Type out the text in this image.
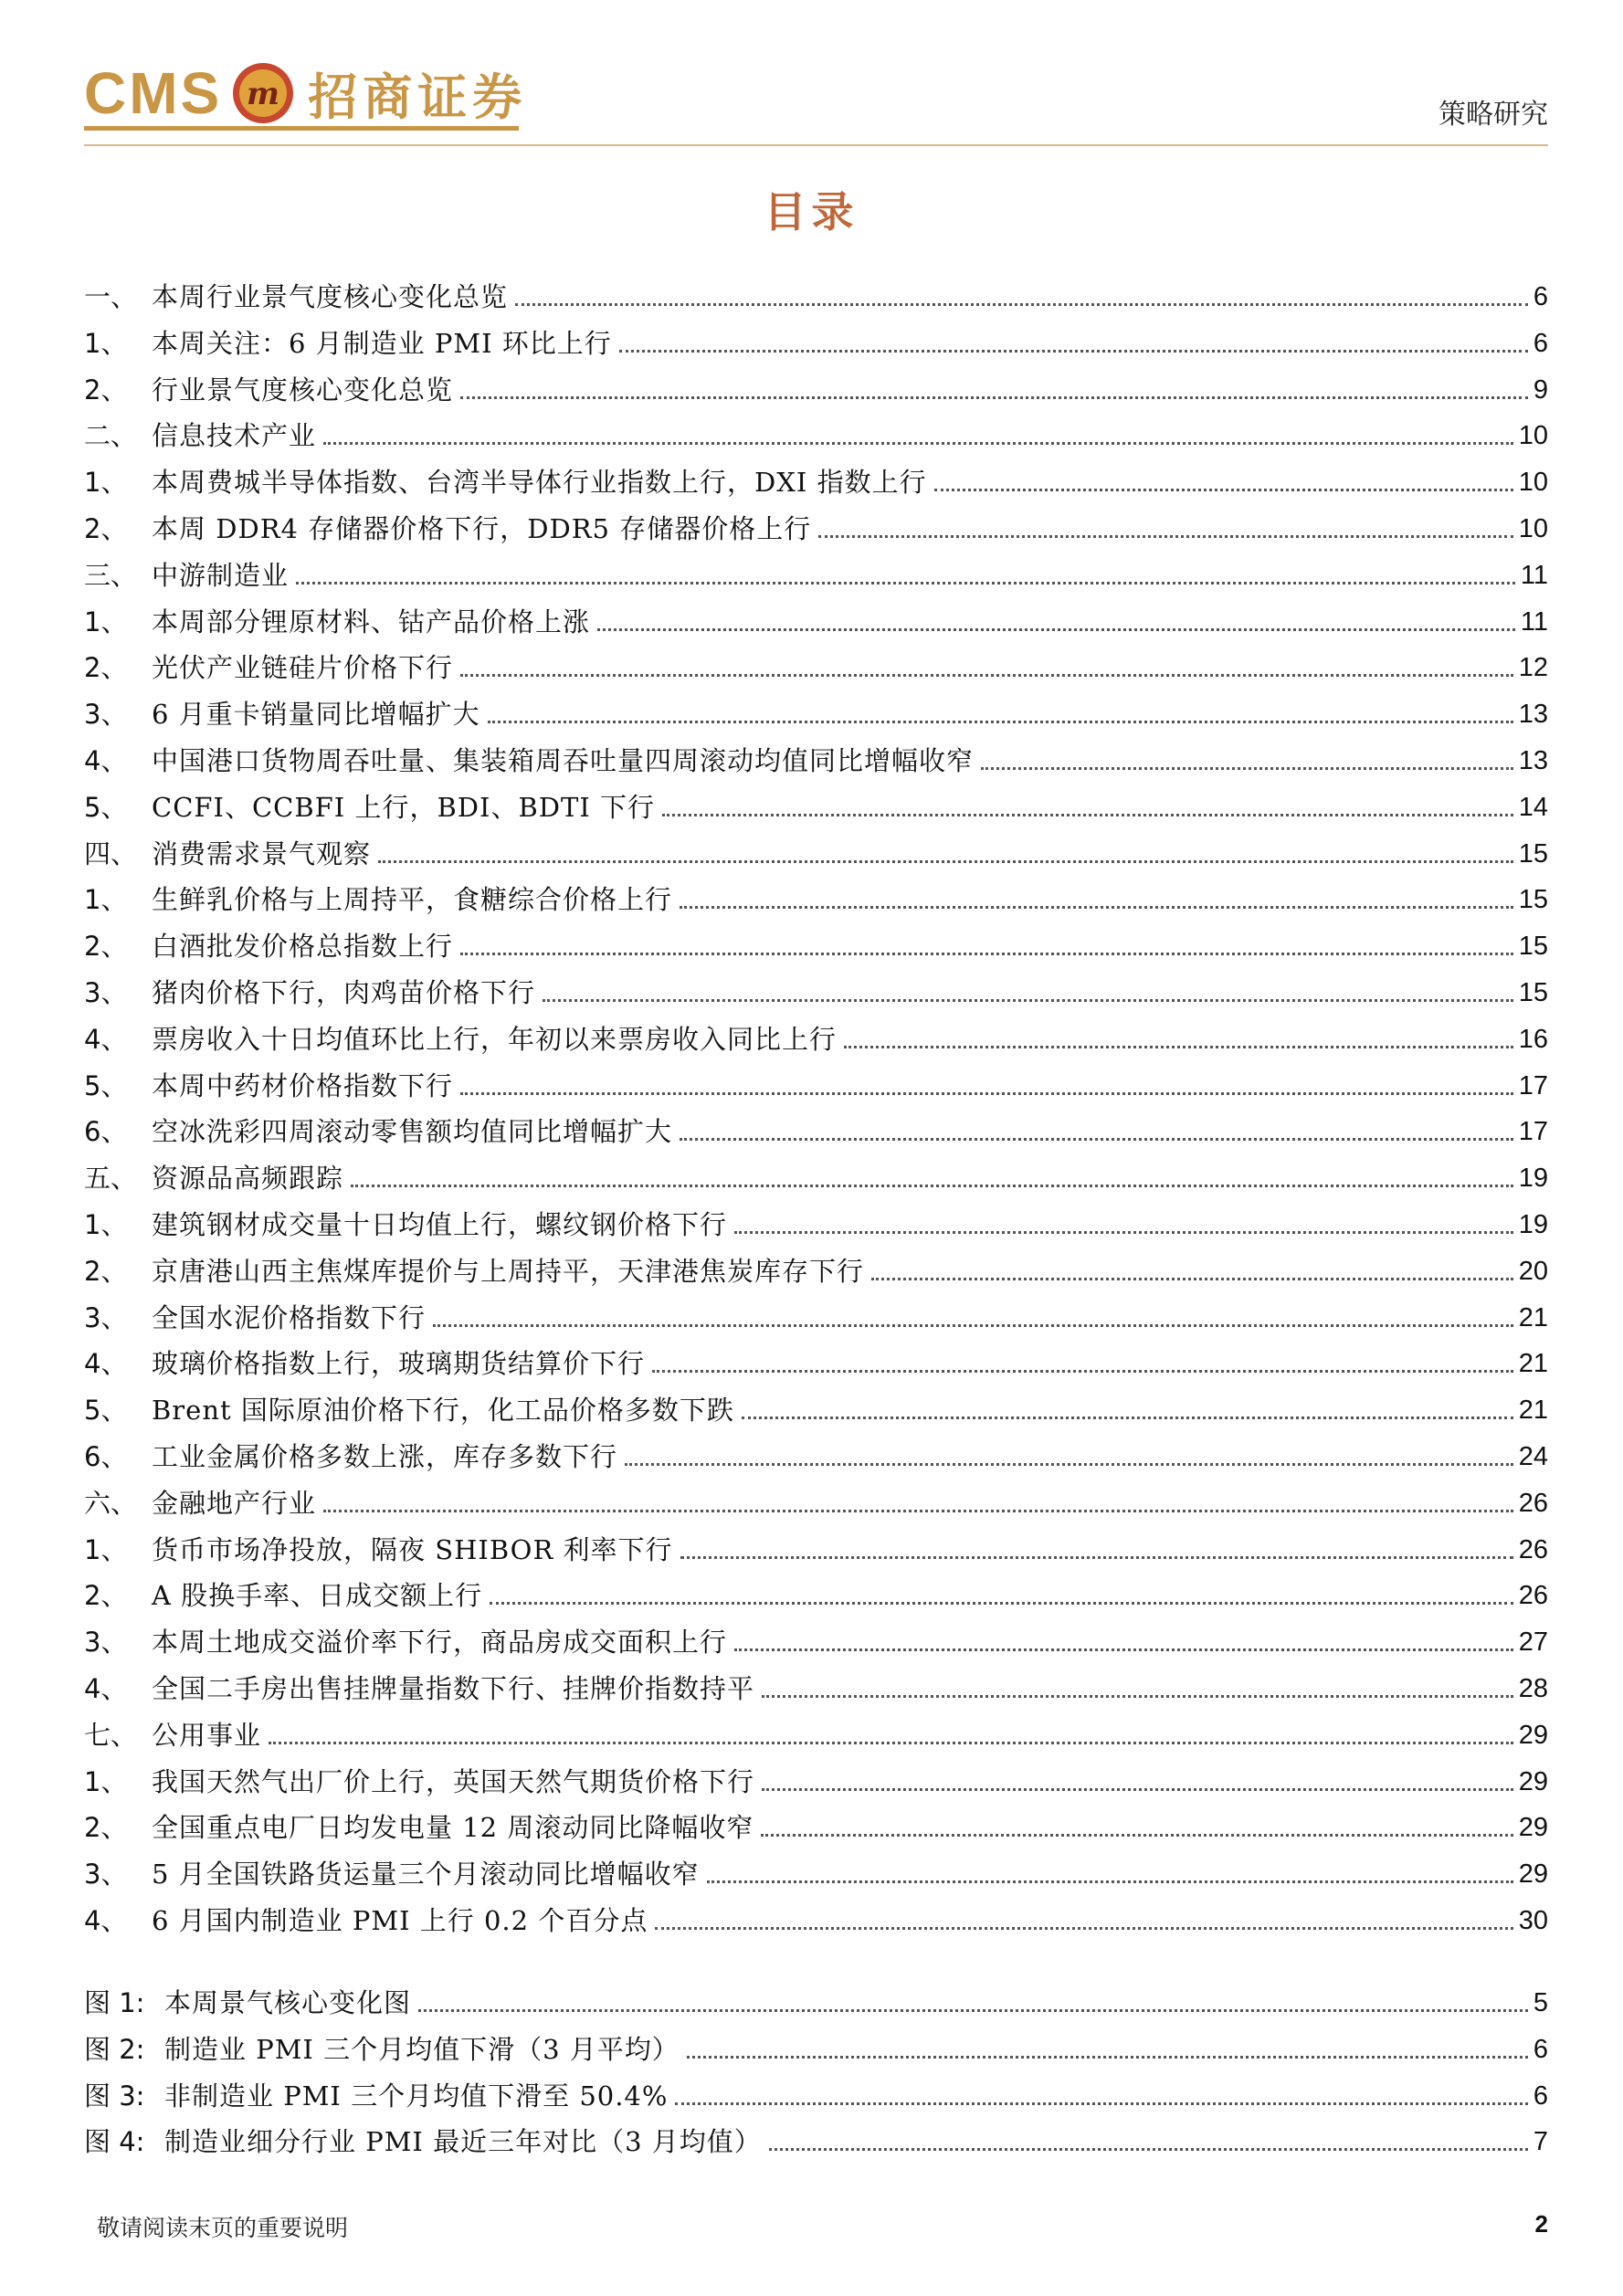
CMS m 招商证券	策略研究
目录
一、 本周行业景气度核心变化总览	6
1、 本周关注：6 月制造业 PMI 环比上行	6
2、 行业景气度核心变化总览	9
二、 信息技术产业	10
1、 本周费城半导体指数、台湾半导体行业指数上行，DXI 指数上行	10
2、 本周 DDR4 存储器价格下行，DDR5 存储器价格上行	10
三、 中游制造业	11
1、 本周部分锂原材料、钴产品价格上涨	11
2、 光伏产业链硅片价格下行	12
3、 6 月重卡销量同比增幅扩大	13
4、 中国港口货物周吞吐量、集装箱周吞吐量四周滚动均值同比增幅收窄	13
5、 CCFI、CCBFI 上行，BDI、BDTI 下行	14
四、 消费需求景气观察	15
1、 生鲜乳价格与上周持平，食糖综合价格上行	15
2、 白酒批发价格总指数上行	15
3、 猪肉价格下行，肉鸡苗价格下行	15
4、 票房收入十日均值环比上行，年初以来票房收入同比上行	16
5、 本周中药材价格指数下行	17
6、 空冰洗彩四周滚动零售额均值同比增幅扩大	17
五、 资源品高频跟踪	19
1、 建筑钢材成交量十日均值上行，螺纹钢价格下行	19
2、 京唐港山西主焦煤库提价与上周持平，天津港焦炭库存下行	20
3、 全国水泥价格指数下行	21
4、 玻璃价格指数上行，玻璃期货结算价下行	21
5、 Brent 国际原油价格下行，化工品价格多数下跌	21
6、 工业金属价格多数上涨，库存多数下行	24
六、 金融地产行业	26
1、 货币市场净投放，隔夜 SHIBOR 利率下行	26
2、 A 股换手率、日成交额上行	26
3、 本周土地成交溢价率下行，商品房成交面积上行	27
4、 全国二手房出售挂牌量指数下行、挂牌价指数持平	28
七、 公用事业	29
1、 我国天然气出厂价上行，英国天然气期货价格下行	29
2、 全国重点电厂日均发电量 12 周滚动同比降幅收窄	29
3、 5 月全国铁路货运量三个月滚动同比增幅收窄	29
4、 6 月国内制造业 PMI 上行 0.2 个百分点	30
图 1: 本周景气核心变化图	5
图 2: 制造业 PMI 三个月均值下滑（3 月平均）	6
图 3: 非制造业 PMI 三个月均值下滑至 50.4%	6
图 4: 制造业细分行业 PMI 最近三年对比（3 月均值）	7
敬请阅读末页的重要说明	2
